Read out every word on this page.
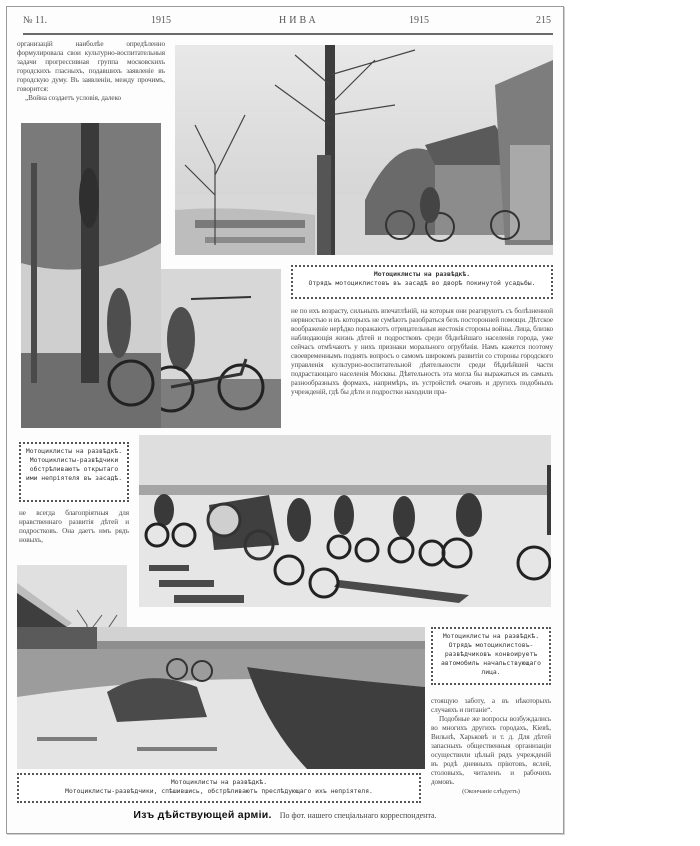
№ 11.	1915	НИВА	1915	215
организацiй наиболѣе опредѣленно формулировала свои культурно-воспитательныя задачи прогрессивная группа московскихъ городскихъ гласныхъ, подавшихъ заявленiе въ городскую думу. Въ заявленiи, между прочимъ, говорится:
„Война создаетъ условiя, далеко
Мотоциклисты на развѣдкѣ.
Отрядъ мотоциклистовъ въ засадѣ во дворѣ покинутой усадьбы.
не по ихъ возрасту, сильныхъ впечатлѣнiй, на которыя они реагируютъ съ болѣзненной нервностью и въ которыхъ не сумѣютъ разобраться безъ посторонней помощи. Дѣтское воображенiе нерѣдко поражаютъ отрицательныя жестокiя стороны войны. Лица, близко наблюдающiя жизнь дѣтей и подростковъ среди бѣднѣйшаго населенiя города, уже сейчасъ отмѣчаютъ у нихъ признаки морального огрубѣнiя. Намъ кажется поэтому своевременнымъ поднять вопросъ о самомъ широкомъ развитiи со стороны городского управленiя культурно-воспитательной дѣятельности среди бѣднѣйшей части подрастающаго населенiя Москвы. Дѣятельность эта могла бы выражаться въ самыхъ разнообразныхъ формахъ, напримѣръ, въ устройствѣ очаговъ и другихъ подобныхъ учрежденiй, гдѣ бы дѣти и подростки находили пра-
Мотоциклисты на развѣдкѣ. Мотоциклисты-развѣдчики обстрѣливаютъ открытаго ими непрiятеля въ засадѣ.
не всегда благопрiятныя для нравственнаго развитiя дѣтей и подростковъ. Она даетъ имъ рядъ новыхъ,
Мотоциклисты на развѣдкѣ. Отрядъ мотоциклистовъ-развѣдчиковъ конвоируетъ автомобиль начальствующаго лица.
стоящую заботу, а въ нѣкоторыхъ случаяхъ и питанiе“.
Подобные же вопросы возбуждались во многихъ другихъ городахъ, Кiевѣ, Вильнѣ, Харьковѣ и т. д. Для дѣтей запасныхъ общественныя организацiи осуществили цѣлый рядъ учрежденiй въ родѣ дневныхъ прiютовъ, яслей, столовыхъ, читаленъ и рабочихъ домовъ.
(Окончанiе слѣдуетъ)
Мотоциклисты на развѣдкѣ.
Мотоциклисты-развѣдчики, спѣшившись, обстрѣливаютъ преслѣдующаго ихъ непрiятеля.
Изъ дѣйствующей армiи. По фот. нашего спецiальнаго корреспондента.
